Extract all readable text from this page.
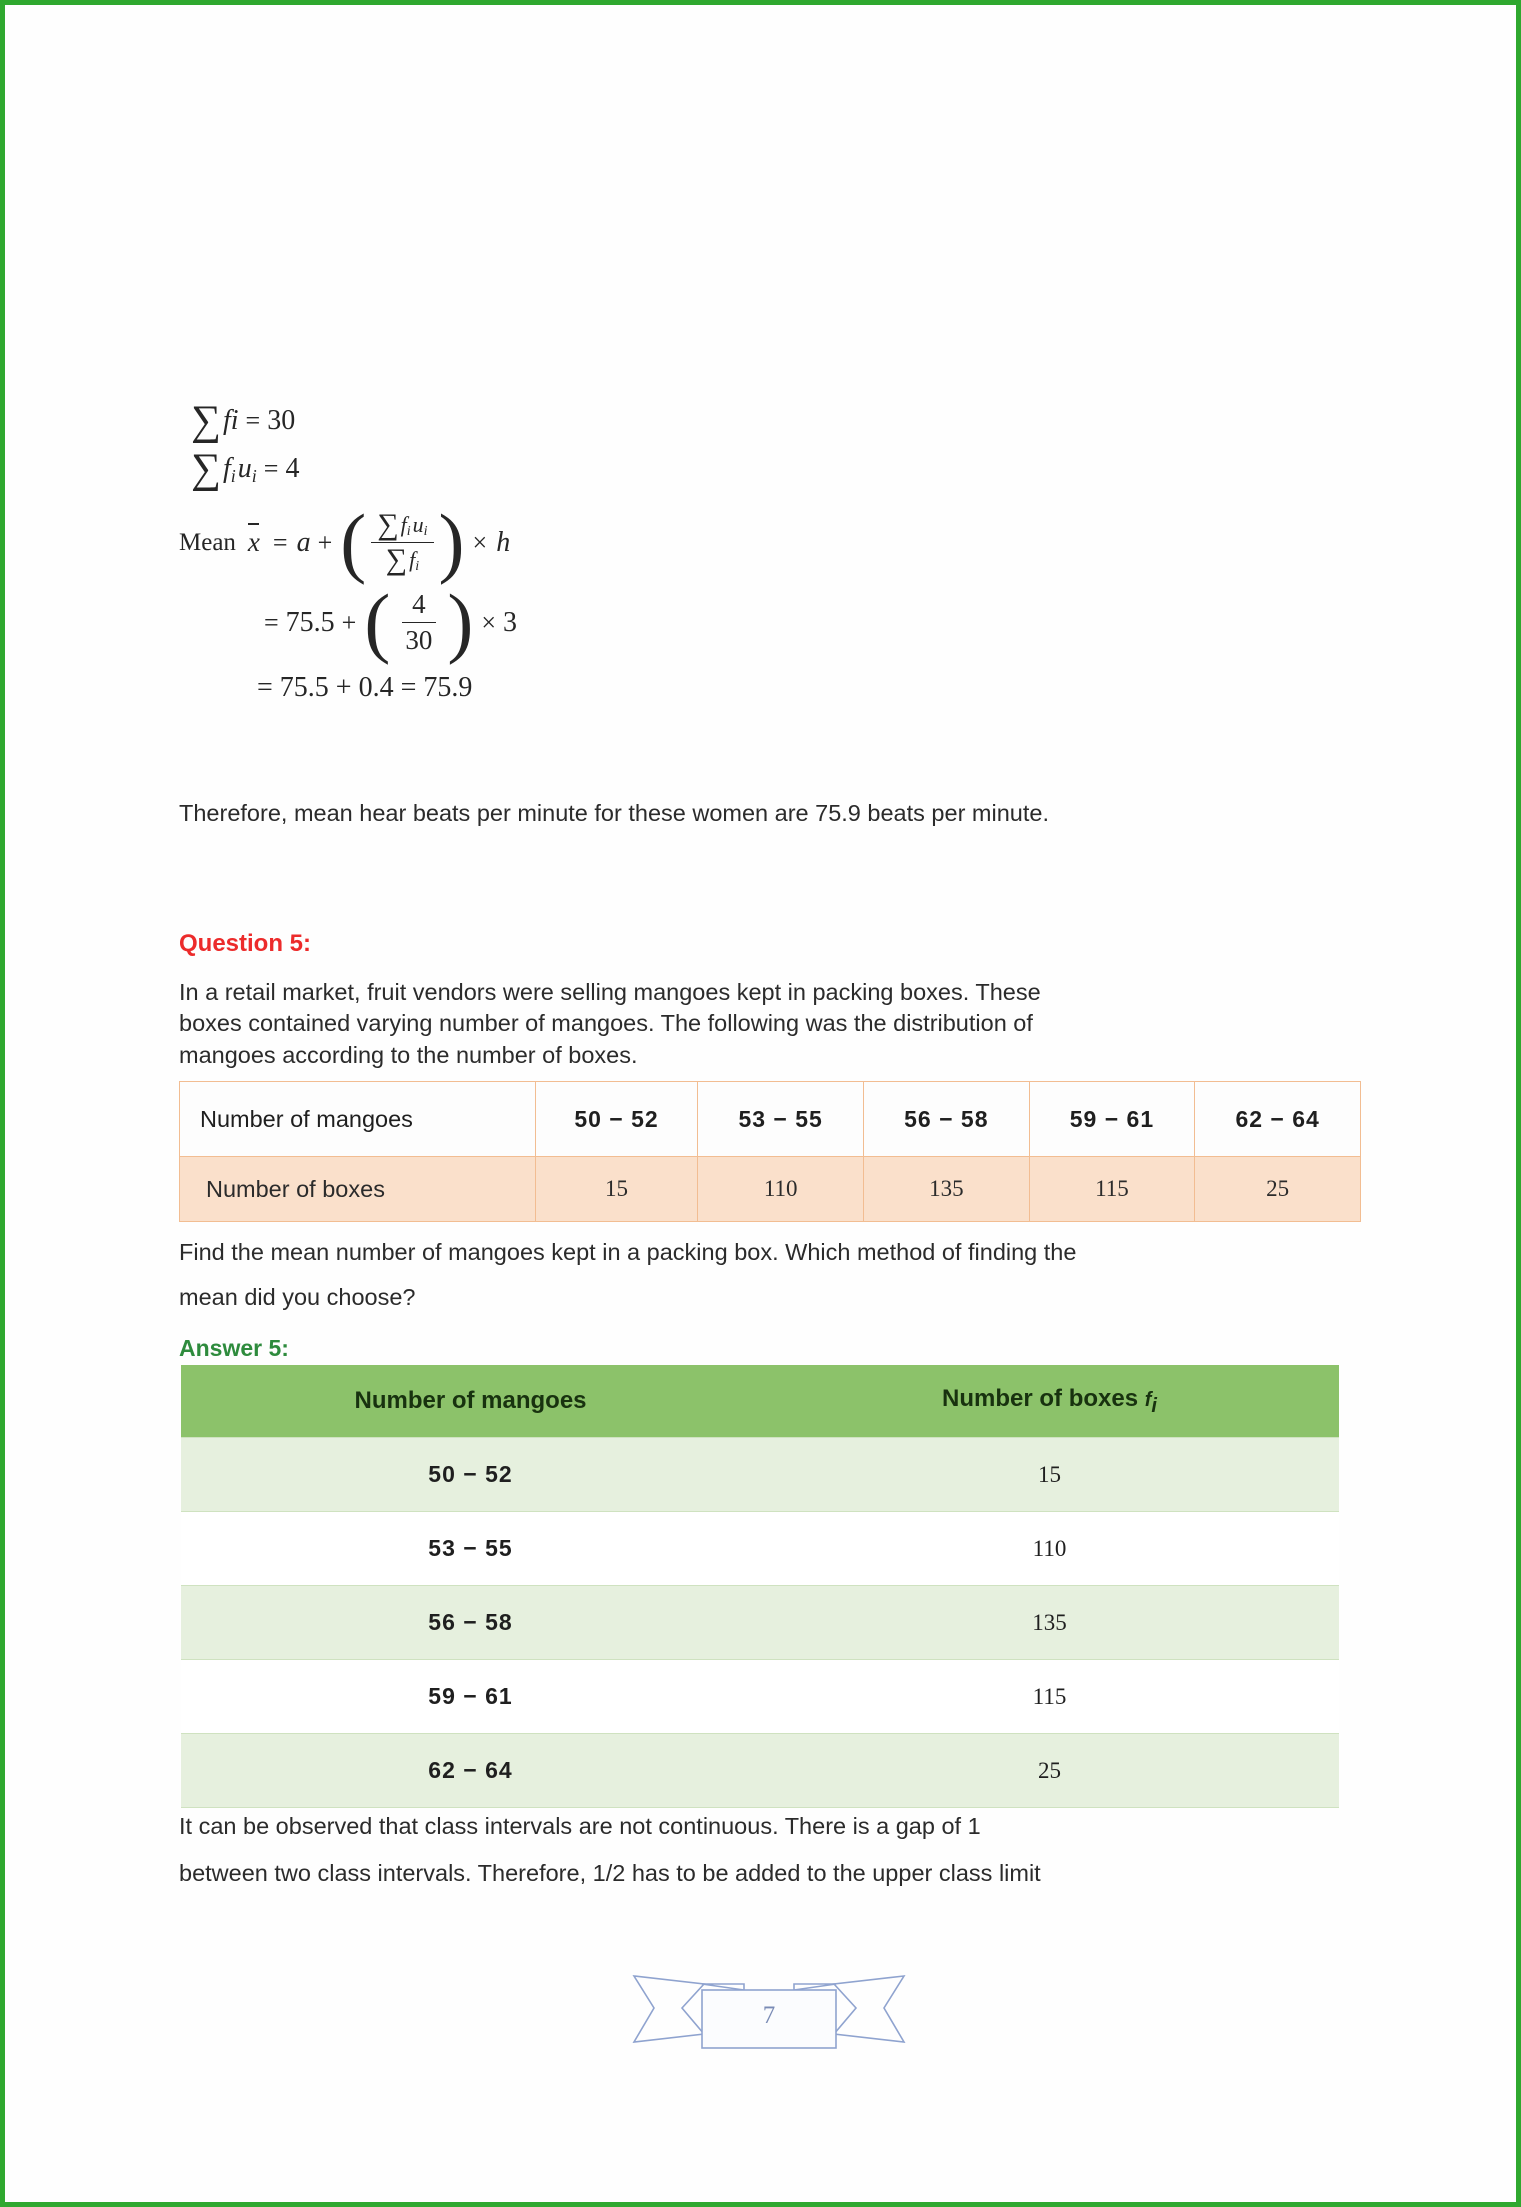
∑ fi = 30
∑ f i u i = 4
Mean x = a + ( ∑ f i u i
∑ f i ) × h
= 75.5 + ( $\frac{4}{30}$ ) × 3
= 75.5 + 0.4 = 75.9
Therefore, mean hear beats per minute for these women are 75.9 beats per minute.
Question 5:
In a retail market, fruit vendors were selling mangoes kept in packing boxes. These
boxes contained varying number of mangoes. The following was the distribution of
mangoes according to the number of boxes.
Number of mangoes	50 − 52	53 − 55	56 − 58	59 − 61	62 − 64
Number of boxes	15	110	135	115	25
Find the mean number of mangoes kept in a packing box. Which method of finding the
mean did you choose?
Answer 5:
Number of mangoes	Number of boxes $f_i$
50 − 52	15
53 − 55	110
56 − 58	135
59 − 61	115
62 − 64	25
It can be observed that class intervals are not continuous. There is a gap of 1
between two class intervals. Therefore, 1/2 has to be added to the upper class limit
7
